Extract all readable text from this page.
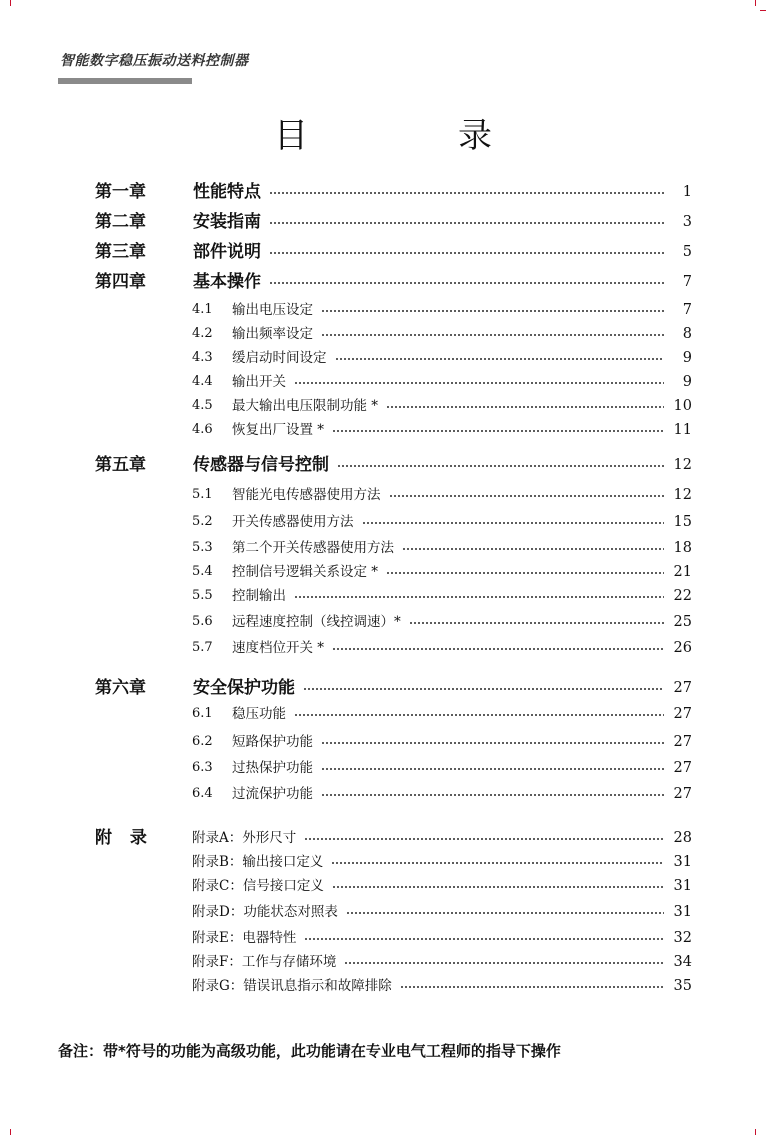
智能数字稳压振动送料控制器
目　录
第一章	性能特点	1
第二章	安装指南	3
第三章	部件说明	5
第四章	基本操作	7
4.1 输出电压设定	7
4.2 输出频率设定	8
4.3 缓启动时间设定	9
4.4 输出开关	9
4.5 最大输出电压限制功能 *	10
4.6 恢复出厂设置 *	11
第五章	传感器与信号控制	12
5.1 智能光电传感器使用方法	12
5.2 开关传感器使用方法	15
5.3 第二个开关传感器使用方法	18
5.4 控制信号逻辑关系设定 *	21
5.5 控制输出	22
5.6 远程速度控制（线控调速）*	25
5.7 速度档位开关 *	26
第六章	安全保护功能	27
6.1 稳压功能	27
6.2 短路保护功能	27
6.3 过热保护功能	27
6.4 过流保护功能	27
附 录	附录A：外形尺寸	28
附录B：输出接口定义	31
附录C：信号接口定义	31
附录D：功能状态对照表	31
附录E：电器特性	32
附录F：工作与存储环境	34
附录G：错误讯息指示和故障排除	35
备注：带*符号的功能为高级功能，此功能请在专业电气工程师的指导下操作
